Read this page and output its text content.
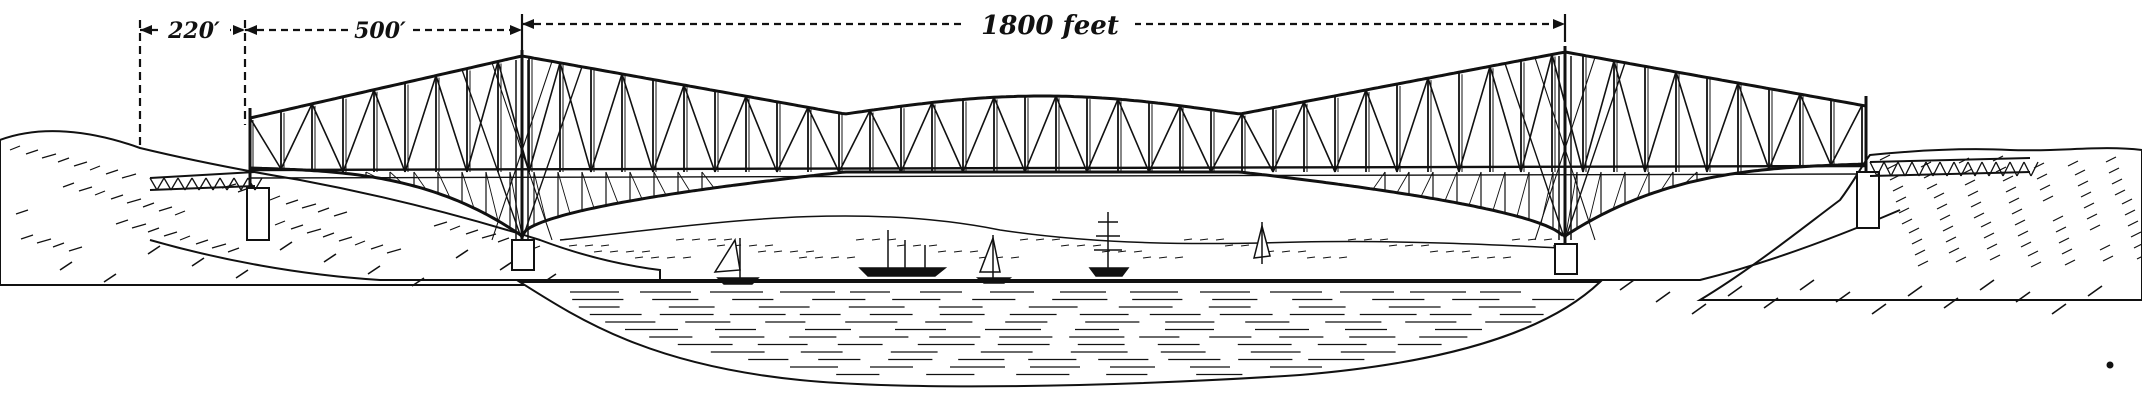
220′	500′	1800 feet
